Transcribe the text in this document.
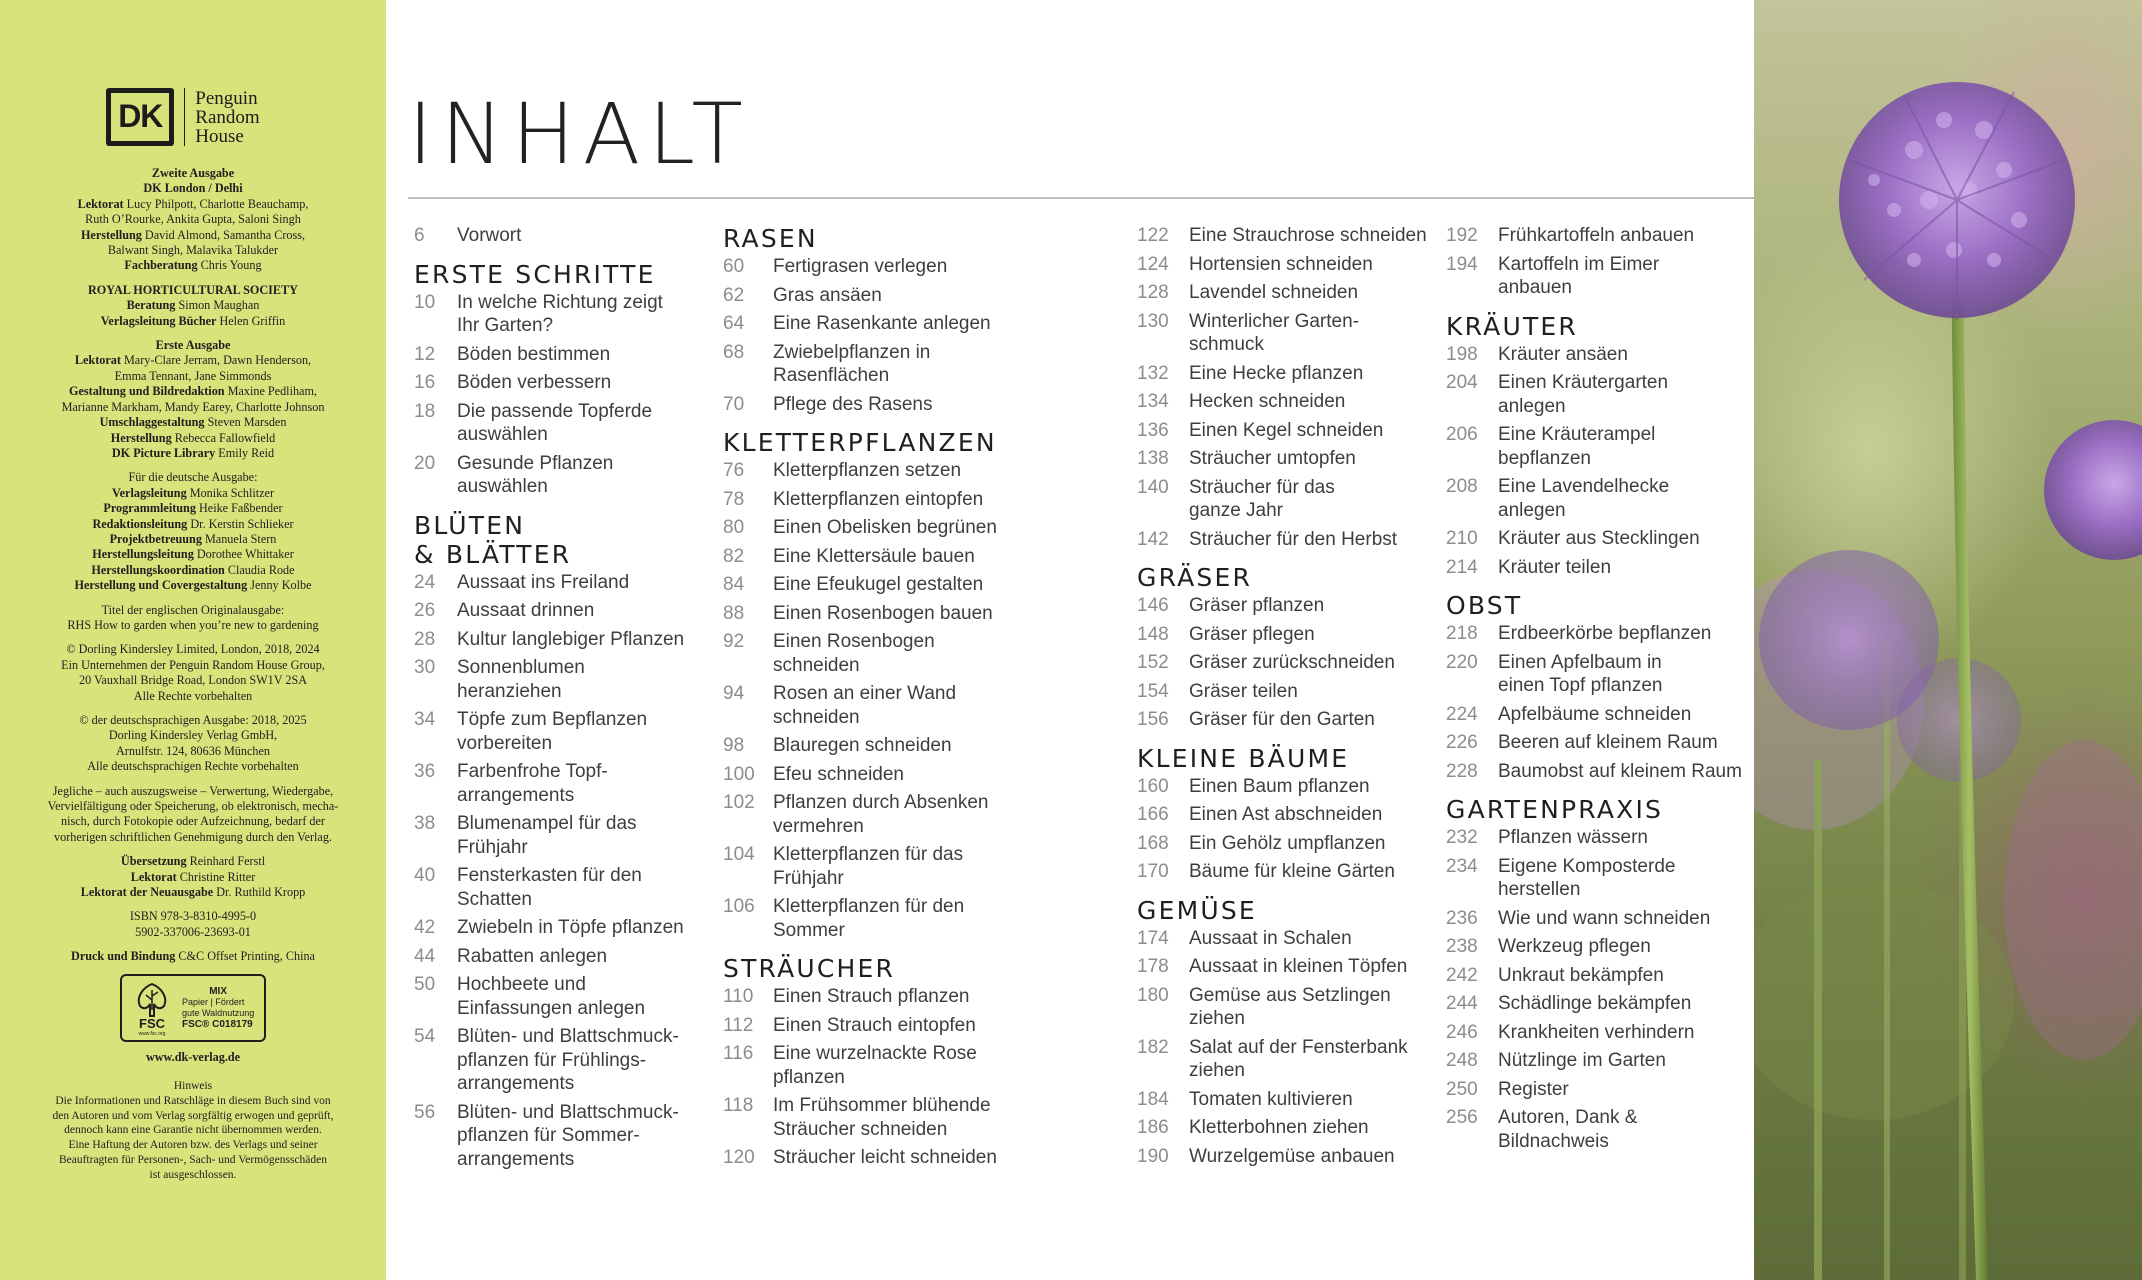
DK
Penguin
Random
House

Zweite Ausgabe

DK London / Delhi

Lektorat Lucy Philpott, Charlotte Beauchamp,

Ruth O’Rourke, Ankita Gupta, Saloni Singh

Herstellung David Almond, Samantha Cross,

Balwant Singh, Malavika Talukder

Fachberatung Chris Young

ROYAL HORTICULTURAL SOCIETY

Beratung Simon Maughan

Verlagsleitung Bücher Helen Griffin

Erste Ausgabe

Lektorat Mary-Clare Jerram, Dawn Henderson,

Emma Tennant, Jane Simmonds

Gestaltung und Bildredaktion Maxine Pedliham,

Marianne Markham, Mandy Earey, Charlotte Johnson

Umschlaggestaltung Steven Marsden

Herstellung Rebecca Fallowfield

DK Picture Library Emily Reid

Für die deutsche Ausgabe:

Verlagsleitung Monika Schlitzer

Programmleitung Heike Faßbender

Redaktionsleitung Dr. Kerstin Schlieker

Projektbetreuung Manuela Stern

Herstellungsleitung Dorothee Whittaker

Herstellungskoordination Claudia Rode

Herstellung und Covergestaltung Jenny Kolbe

Titel der englischen Originalausgabe:

RHS How to garden when you’re new to gardening

© Dorling Kindersley Limited, London, 2018, 2024

Ein Unternehmen der Penguin Random House Group,

20 Vauxhall Bridge Road, London SW1V 2SA

Alle Rechte vorbehalten

© der deutschsprachigen Ausgabe: 2018, 2025

Dorling Kindersley Verlag GmbH,

Arnulfstr. 124, 80636 München

Alle deutschsprachigen Rechte vorbehalten

Jegliche – auch auszugsweise – Verwertung, Wiedergabe,

Vervielfältigung oder Speicherung, ob elektronisch, mecha-

nisch, durch Fotokopie oder Aufzeichnung, bedarf der

vorherigen schriftlichen Genehmigung durch den Verlag.

Übersetzung Reinhard Ferstl

Lektorat Christine Ritter

Lektorat der Neuausgabe Dr. Ruthild Kropp

ISBN 978-3-8310-4995-0

5902-337006-23693-01

Druck und Bindung C&C Offset Printing, China

FSC
www.fsc.org
MIX
Papier | Fördert
gute Waldnutzung
FSC® C018179
www.dk-verlag.de

Hinweis

Die Informationen und Ratschläge in diesem Buch sind von

den Autoren und vom Verlag sorgfältig erwogen und geprüft,

dennoch kann eine Garantie nicht übernommen werden.

Eine Haftung der Autoren bzw. des Verlags und seiner

Beauftragten für Personen-, Sach- und Vermögensschäden

ist ausgeschlossen.

INHALT
6	Vorwort
ERSTE SCHRITTE
10	In welche Richtung zeigt
Ihr Garten?
12	Böden bestimmen
16	Böden verbessern
18	Die passende Topferde
auswählen
20	Gesunde Pflanzen
auswählen
BLÜTEN
& BLÄTTER
24	Aussaat ins Freiland
26	Aussaat drinnen
28	Kultur langlebiger Pflanzen
30	Sonnenblumen
heranziehen
34	Töpfe zum Bepflanzen
vorbereiten
36	Farbenfrohe Topf-
arrangements
38	Blumenampel für das
Frühjahr
40	Fensterkasten für den
Schatten
42	Zwiebeln in Töpfe pflanzen
44	Rabatten anlegen
50	Hochbeete und
Einfassungen anlegen
54	Blüten- und Blattschmuck-
pflanzen für Frühlings-
arrangements
56	Blüten- und Blattschmuck-
pflanzen für Sommer-
arrangements
RASEN
60	Fertigrasen verlegen
62	Gras ansäen
64	Eine Rasenkante anlegen
68	Zwiebelpflanzen in
Rasenflächen
70	Pflege des Rasens
KLETTERPFLANZEN
76	Kletterpflanzen setzen
78	Kletterpflanzen eintopfen
80	Einen Obelisken begrünen
82	Eine Klettersäule bauen
84	Eine Efeukugel gestalten
88	Einen Rosenbogen bauen
92	Einen Rosenbogen
schneiden
94	Rosen an einer Wand
schneiden
98	Blauregen schneiden
100 Efeu schneiden
102 Pflanzen durch Absenken
vermehren
104 Kletterpflanzen für das
Frühjahr
106 Kletterpflanzen für den
Sommer
STRÄUCHER
110	Einen Strauch pflanzen
112	Einen Strauch eintopfen
116	Eine wurzelnackte Rose
pflanzen
118	Im Frühsommer blühende
Sträucher schneiden
120 Sträucher leicht schneiden
122	Eine Strauchrose schneiden
124	Hortensien schneiden
128	Lavendel schneiden
130	Winterlicher Garten-
schmuck
132	Eine Hecke pflanzen
134	Hecken schneiden
136	Einen Kegel schneiden
138	Sträucher umtopfen
140	Sträucher für das
ganze Jahr
142	Sträucher für den Herbst
GRÄSER
146	Gräser pflanzen
148	Gräser pflegen
152	Gräser zurückschneiden
154	Gräser teilen
156	Gräser für den Garten
KLEINE BÄUME
160	Einen Baum pflanzen
166	Einen Ast abschneiden
168	Ein Gehölz umpflanzen
170	Bäume für kleine Gärten
GEMÜSE
174	Aussaat in Schalen
178	Aussaat in kleinen Töpfen
180	Gemüse aus Setzlingen
ziehen
182	Salat auf der Fensterbank
ziehen
184	Tomaten kultivieren
186	Kletterbohnen ziehen
190	Wurzelgemüse anbauen
192	Frühkartoffeln anbauen
194	Kartoffeln im Eimer
anbauen
KRÄUTER
198	Kräuter ansäen
204	Einen Kräutergarten
anlegen
206	Eine Kräuterampel
bepflanzen
208	Eine Lavendelhecke
anlegen
210	Kräuter aus Stecklingen
214	Kräuter teilen
OBST
218	Erdbeerkörbe bepflanzen
220	Einen Apfelbaum in
einen Topf pflanzen
224	Apfelbäume schneiden
226	Beeren auf kleinem Raum
228	Baumobst auf kleinem Raum
GARTENPRAXIS
232	Pflanzen wässern
234	Eigene Komposterde
herstellen
236	Wie und wann schneiden
238	Werkzeug pflegen
242	Unkraut bekämpfen
244	Schädlinge bekämpfen
246	Krankheiten verhindern
248	Nützlinge im Garten
250	Register
256	Autoren, Dank &
Bildnachweis
